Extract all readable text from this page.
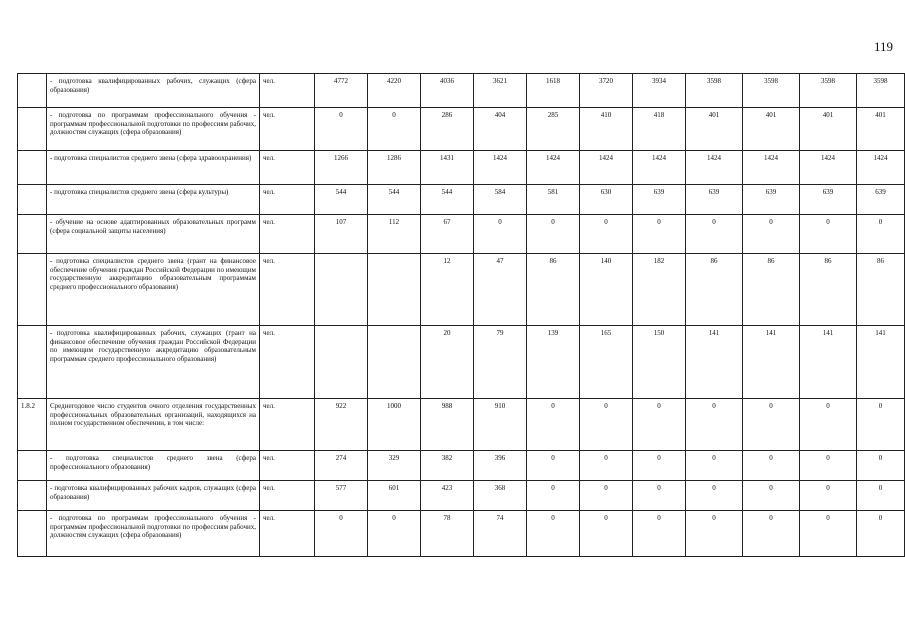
119
	- подготовка квалифицированных рабочих, служащих (сфера образования)	чел.	4772	4220	4036	3621	1618	3720	3934	3598	3598	3598	3598
	- подготовка по программам профессионального обучения - программам профессиональной подготовки по профессиям рабочих, должностям служащих (сфера образования)	чел.	0	0	286	404	285	410	418	401	401	401	401
	- подготовка специалистов среднего звена (сфера здравоохранения)	чел.	1266	1286	1431	1424	1424	1424	1424	1424	1424	1424	1424
	- подготовка специалистов среднего звена (сфера культуры)	чел.	544	544	544	584	581	630	639	639	639	639	639
	- обучение на основе адаптированных образовательных программ (сфера социальной защиты населения)	чел.	107	112	67	0	0	0	0	0	0	0	0
	- подготовка специалистов среднего звена (грант на финансовое обеспечение обучения граждан Российской Федерации по имеющим государственную аккредитацию образовательным программам среднего профессионального образования)	чел.			12	47	86	140	182	86	86	86	86
	- подготовка квалифицированных рабочих, служащих (грант на финансовое обеспечение обучения граждан Российской Федерации по имеющим государственную аккредитацию образовательным программам среднего профессионального образования)	чел.			20	79	139	165	150	141	141	141	141
1.8.2	Среднегодовое число студентов очного отделения государственных профессиональных образовательных организаций, находящихся на полном государственном обеспечении, в том числе:	чел.	922	1000	988	910	0	0	0	0	0	0	0
	- подготовка специалистов среднего звена (сфера профессионального образования)	чел.	274	329	382	396	0	0	0	0	0	0	0
	- подготовка квалифицированных рабочих кадров, служащих (сфера образования)	чел.	577	601	423	368	0	0	0	0	0	0	0
	- подготовка по программам профессионального обучения - программам профессиональной подготовки по профессиям рабочих, должностям служащих (сфера образования)	чел.	0	0	78	74	0	0	0	0	0	0	0
